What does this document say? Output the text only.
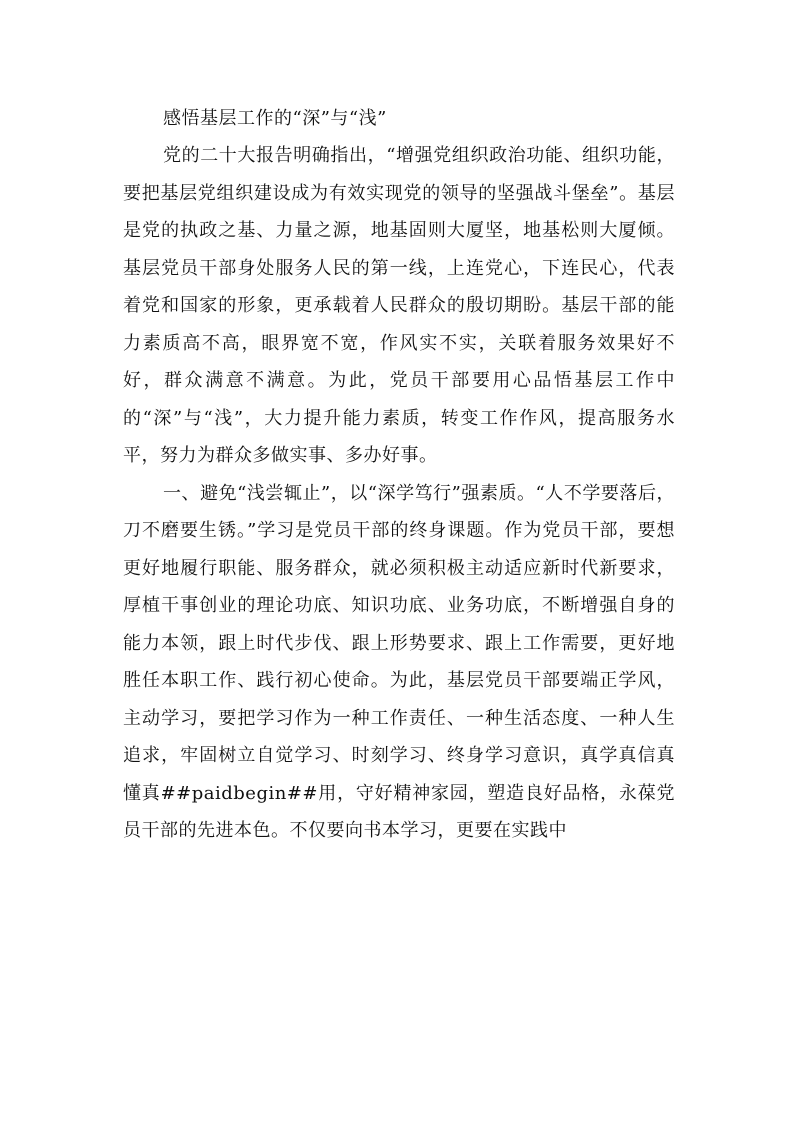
感悟基层工作的“深”与“浅”

党的二十大报告明确指出，“增强党组织政治功能、组织功能，要把基层党组织建设成为有效实现党的领导的坚强战斗堡垒”。基层是党的执政之基、力量之源，地基固则大厦坚，地基松则大厦倾。基层党员干部身处服务人民的第一线，上连党心，下连民心，代表着党和国家的形象，更承载着人民群众的殷切期盼。基层干部的能力素质高不高，眼界宽不宽，作风实不实，关联着服务效果好不好，群众满意不满意。为此，党员干部要用心品悟基层工作中的“深”与“浅”，大力提升能力素质，转变工作作风，提高服务水平，努力为群众多做实事、多办好事。

一、避免“浅尝辄止”，以“深学笃行”强素质。“人不学要落后，刀不磨要生锈。”学习是党员干部的终身课题。作为党员干部，要想更好地履行职能、服务群众，就必须积极主动适应新时代新要求，厚植干事创业的理论功底、知识功底、业务功底，不断增强自身的能力本领，跟上时代步伐、跟上形势要求、跟上工作需要，更好地胜任本职工作、践行初心使命。为此，基层党员干部要端正学风，主动学习，要把学习作为一种工作责任、一种生活态度、一种人生追求，牢固树立自觉学习、时刻学习、终身学习意识，真学真信真懂真##paidbegin##用，守好精神家园，塑造良好品格，永葆党员干部的先进本色。不仅要向书本学习，更要在实践中
